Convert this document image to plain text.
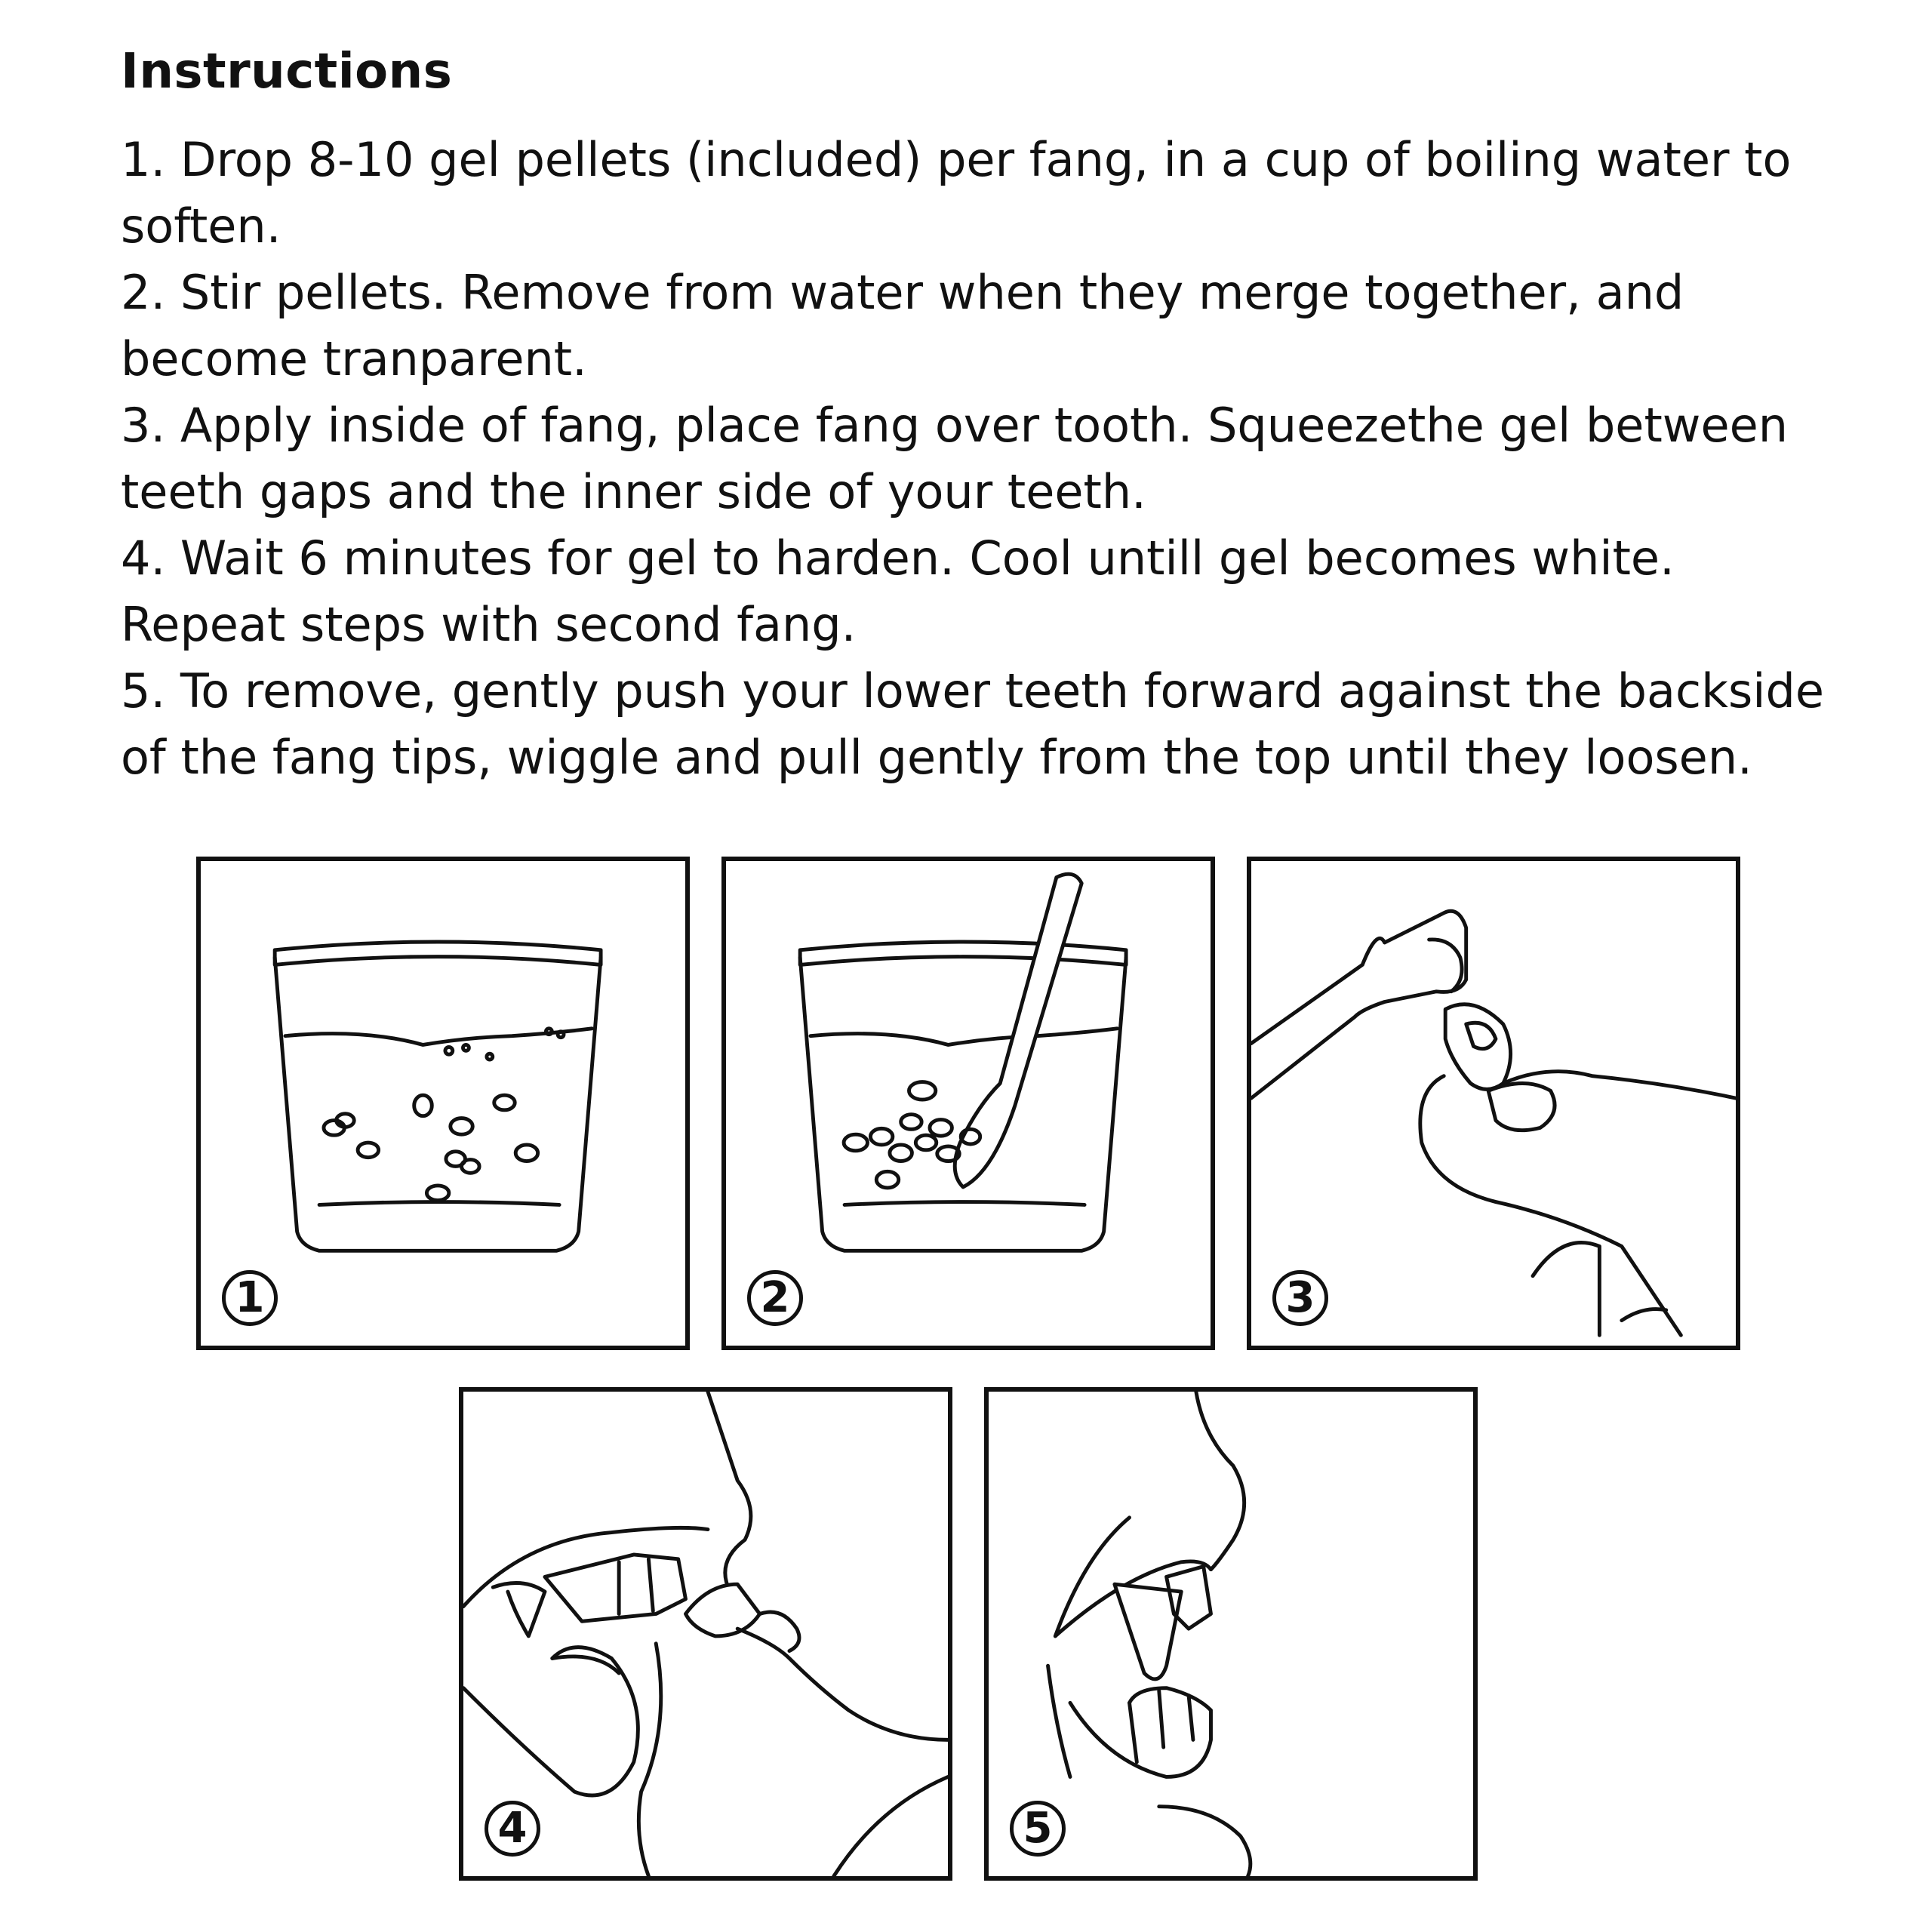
Instructions
1. Drop 8-10 gel pellets (included) per fang, in a cup of boiling water to soften.
2. Stir pellets. Remove from water when they merge together, and become tranparent.
3. Apply inside of fang, place fang over tooth. Squeezethe gel between teeth gaps and the inner side of your teeth.
4. Wait 6 minutes for gel to harden. Cool untill gel becomes white. Repeat steps with second fang.
5. To remove, gently push your lower teeth forward against the backside of the fang tips, wiggle and pull gently from the top until they loosen.
1	2	3
4	5
